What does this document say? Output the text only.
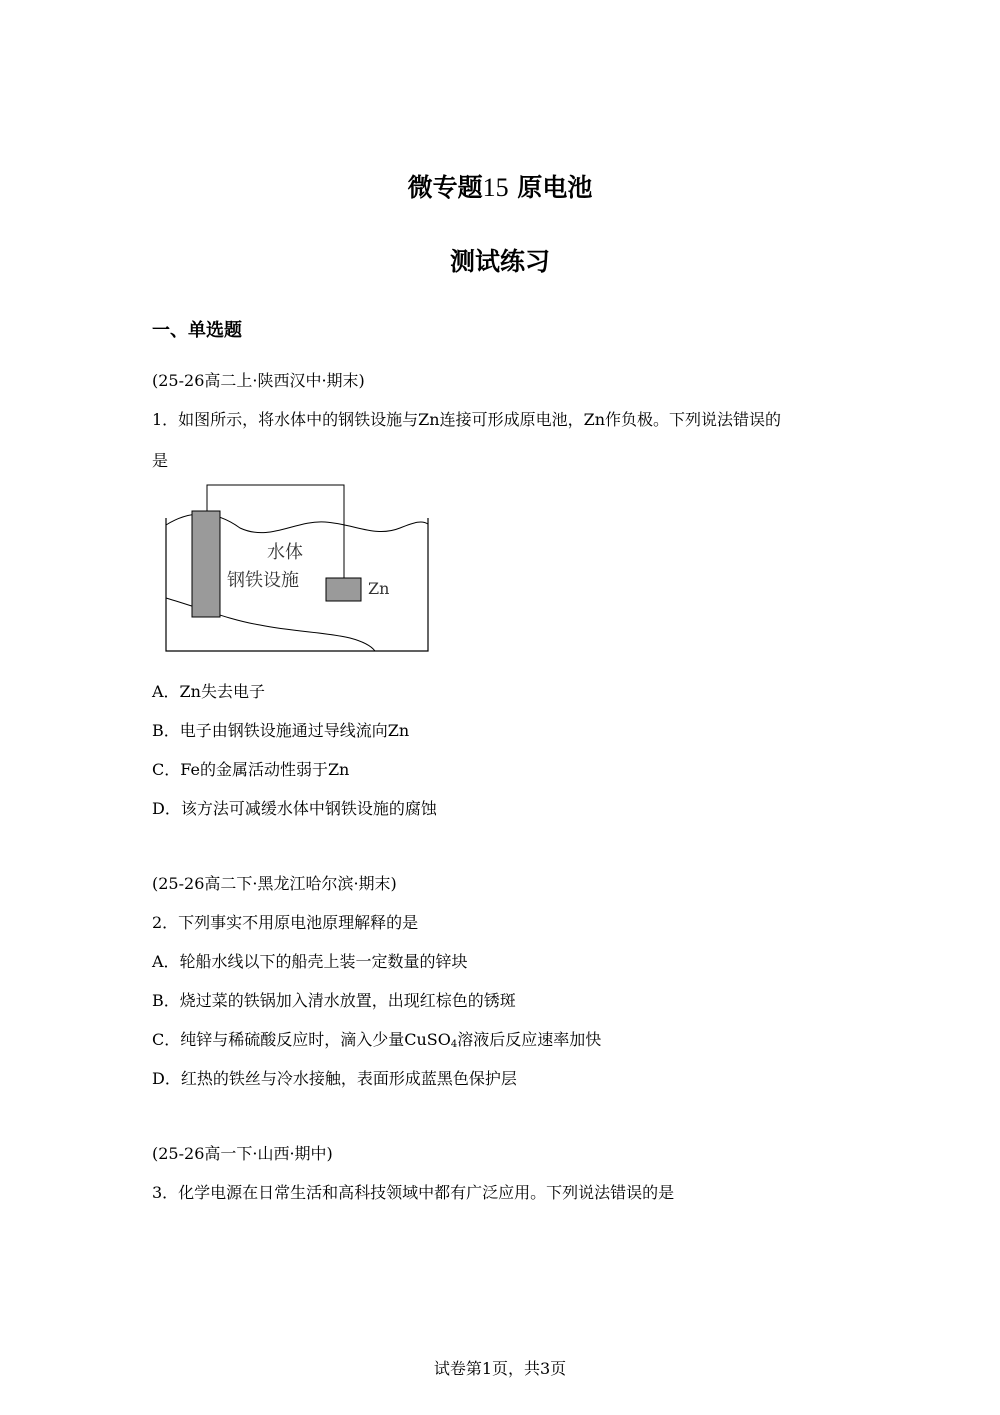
微专题15 原电池
测试练习
一、单选题
(25-26高二上·陕西汉中·期末)
1．如图所示，将水体中的钢铁设施与Zn连接可形成原电池，Zn作负极。下列说法错误的
是
水体
钢铁设施	Zn
A．Zn失去电子
B．电子由钢铁设施通过导线流向Zn
C．Fe的金属活动性弱于Zn
D．该方法可减缓水体中钢铁设施的腐蚀
(25-26高二下·黑龙江哈尔滨·期末)
2．下列事实不用原电池原理解释的是
A．轮船水线以下的船壳上装一定数量的锌块
B．烧过菜的铁锅加入清水放置，出现红棕色的锈斑
C．纯锌与稀硫酸反应时，滴入少量CuSO$_4$溶液后反应速率加快
D．红热的铁丝与冷水接触，表面形成蓝黑色保护层
(25-26高一下·山西·期中)
3．化学电源在日常生活和高科技领域中都有广泛应用。下列说法错误的是
试卷第1页，共3页
